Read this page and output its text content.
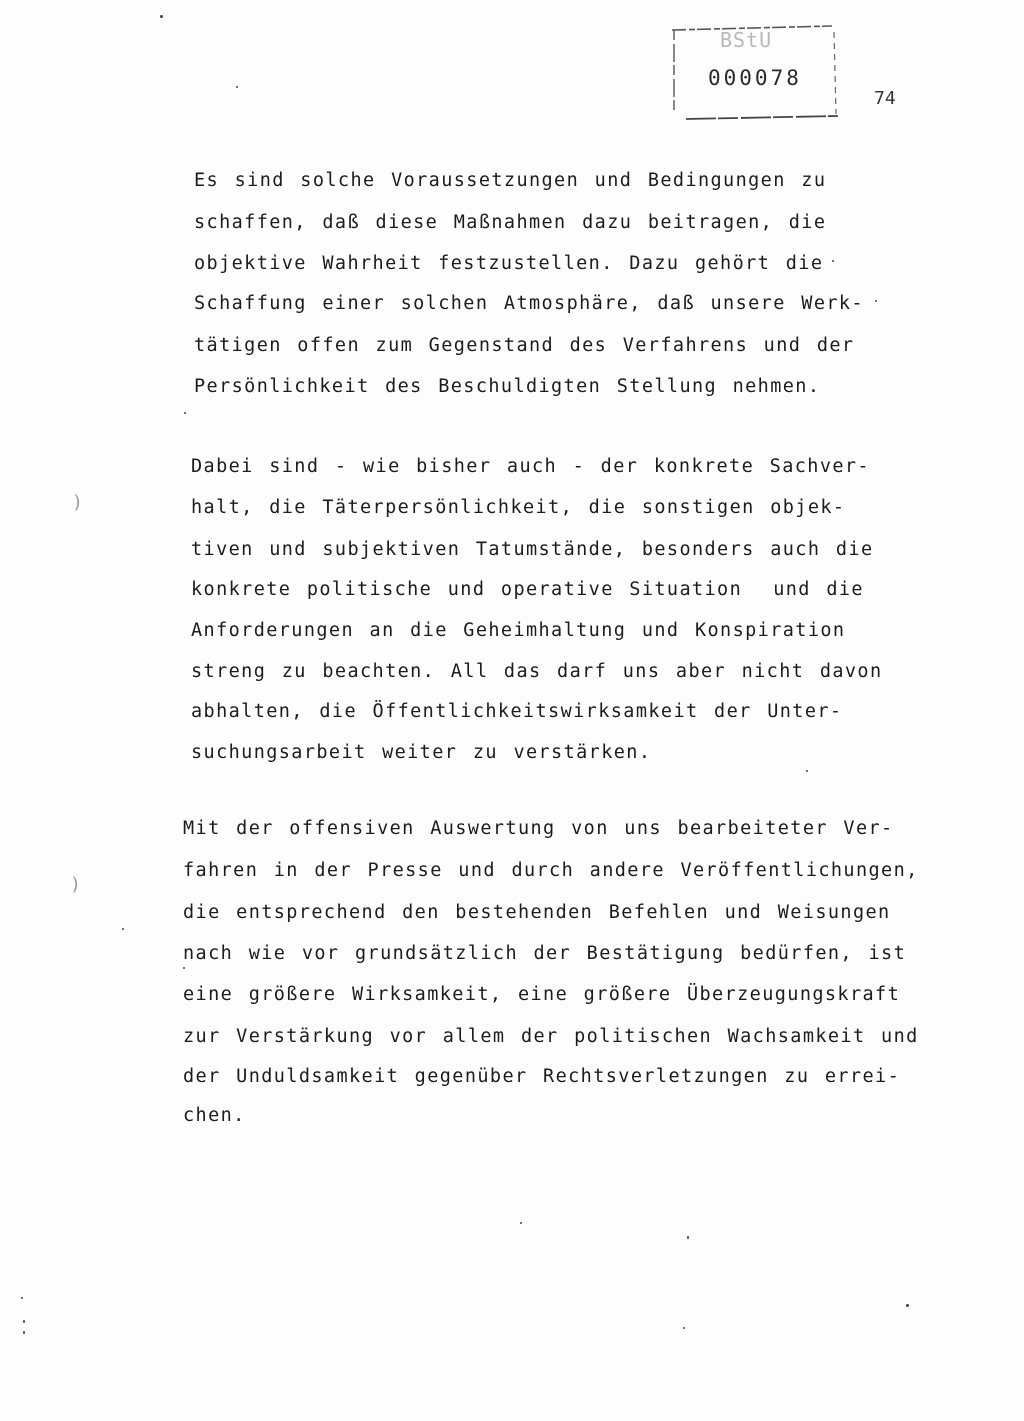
BStU
000078
74
Es sind solche Voraussetzungen und Bedingungen zu
schaffen, daß diese Maßnahmen dazu beitragen, die
objektive Wahrheit festzustellen. Dazu gehört die
Schaffung einer solchen Atmosphäre, daß unsere Werk-
tätigen offen zum Gegenstand des Verfahrens und der
Persönlichkeit des Beschuldigten Stellung nehmen.
Dabei sind - wie bisher auch - der konkrete Sachver-
halt, die Täterpersönlichkeit, die sonstigen objek-
tiven und subjektiven Tatumstände, besonders auch die
konkrete politische und operative Situation  und die
Anforderungen an die Geheimhaltung und Konspiration
streng zu beachten. All das darf uns aber nicht davon
abhalten, die Öffentlichkeitswirksamkeit der Unter-
suchungsarbeit weiter zu verstärken.
Mit der offensiven Auswertung von uns bearbeiteter Ver-
fahren in der Presse und durch andere Veröffentlichungen,
die entsprechend den bestehenden Befehlen und Weisungen
nach wie vor grundsätzlich der Bestätigung bedürfen, ist
eine größere Wirksamkeit, eine größere Überzeugungskraft
zur Verstärkung vor allem der politischen Wachsamkeit und
der Unduldsamkeit gegenüber Rechtsverletzungen zu errei-
chen.
)
)
